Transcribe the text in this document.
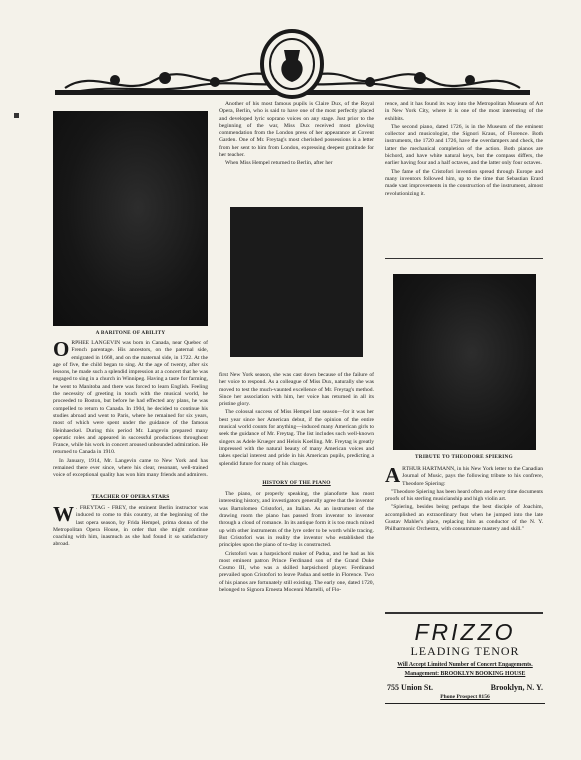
A BARITONE OF ABILITY

ORPHEE LANGEVIN was born in Canada, near Quebec of French parentage. His ancestors, on the paternal side, emigrated in 1668, and on the maternal side, in 1722. At the age of five, the child began to sing. At the age of twenty, after six lessons, he made such a splendid impression at a concert that he was engaged to sing in a church in Winnipeg. Having a taste for farming, he went to Manitoba and there was forced to learn English. Feeling the necessity of greeting in touch with the musical world, he proceeded to Boston, but before he had effected any plans, he was compelled to return to Canada. In 1904, he decided to continue his studies abroad and went to Paris, where he remained for six years, most of which were spent under the guidance of the famous Heinhaeckel. During this period Mr. Langevin prepared many operatic roles and appeared in successful productions throughout France, while his work in concert aroused unbounded admiration. He returned to Canada in 1910.

In January, 1914, Mr. Langevin came to New York and has remained there ever since, where his clear, resonant, well-trained voice of exceptional quality has won him many friends and admirers.

TEACHER OF OPERA STARS

W . FREYTAG - FREY, the eminent Berlin instructor was induced to come to this country, at the beginning of the last opera season, by Frida Hempel, prima donna of the Metropolitan Opera House, in order that she might continue coaching with him, inasmuch as she had found it so satisfactory abroad.

Another of his most famous pupils is Claire Dux, of the Royal Opera, Berlin, who is said to have one of the most perfectly placed and developed lyric soprano voices on any stage. Just prior to the beginning of the war, Miss Dux received most glowing commendation from the London press of her appearance at Covent Garden. One of Mr. Freytag's most cherished possessions is a letter from her sent to him from London, expressing deepest gratitude for her teacher.

When Miss Hempel returned to Berlin, after her

first New York season, she was cast down because of the failure of her voice to respond. As a colleague of Miss Dux, naturally she was moved to test the much-vaunted excellence of Mr. Freytag's method. Since her association with him, her voice has returned in all its pristine glory.

The colossal success of Miss Hempel last season—for it was her best year since her American debut, if the opinion of the entire musical world counts for anything—induced many American girls to seek the guidance of Mr. Freytag. The list includes such well-known singers as Adele Krueger and Helois Koelling. Mr. Freytag is greatly impressed with the natural beauty of many American voices and takes special interest and pride in his American pupils, predicting a splendid future for many of his charges.

HISTORY OF THE PIANO

The piano, or properly speaking, the pianoforte has most interesting history, and investigators generally agree that the inventor was Bartolomeo Cristofori, an Italian. As an instrument of the drawing room the piano has passed from inventor to inventor through a cloud of romance. In its antique form it is too much mixed up with other instruments of the lyre order to be worth while tracing. But Cristofori was in reality the inventor who established the principles upon the piano of to-day is constructed.

Cristofori was a harpsichord maker of Padua, and he had as his most eminent patron Prince Ferdinand son of the Grand Duke Cosmo III, who was a skilled harpsichord player. Ferdinand prevailed upon Cristofori to leave Padua and settle in Florence. Two of his pianos are fortunately still existing. The early one, dated 1720, belonged to Signora Ernesta Mocenni Martelli, of Flo-

rence, and it has found its way into the Metropolitan Museum of Art in New York City, where it is one of the most interesting of the exhibits.

The second piano, dated 1726, is in the Museum of the eminent collector and musicologist, the Signori Kraus, of Florence. Both instruments, the 1720 and 1726, have the overdampers and check, the latter the mechanical completion of the action. Both pianos are bichord, and have white natural keys, but the compass differs, the earlier having four and a half octaves, and the latter only four octaves.

The fame of the Cristofori invention spread through Europe and many inventors followed him, up to the time that Sebastian Erard made vast improvements in the construction of the instrument, almost revolutionizing it.

TRIBUTE TO THEODORE SPIERING

ARTHUR HARTMANN, in his New York letter to the Canadian Journal of Music, pays the following tribute to his confrere, Theodore Spiering:

"Theodore Spiering has been heard often and every time documents proofs of his sterling musicianship and high violin art.

"Spiering, besides being perhaps the best disciple of Joachim, accomplished an extraordinary feat when he jumped into the late Gustav Mahler's place, replacing him as conductor of the N. Y. Philharmonic Orchestra, with consummate mastery and skill."

FRIZZO
LEADING TENOR
Will Accept Limited Number of Concert Engagements.
Management: BROOKLYN BOOKING HOUSE
755 Union St.	Brooklyn, N. Y.
Phone Prospect 8156
